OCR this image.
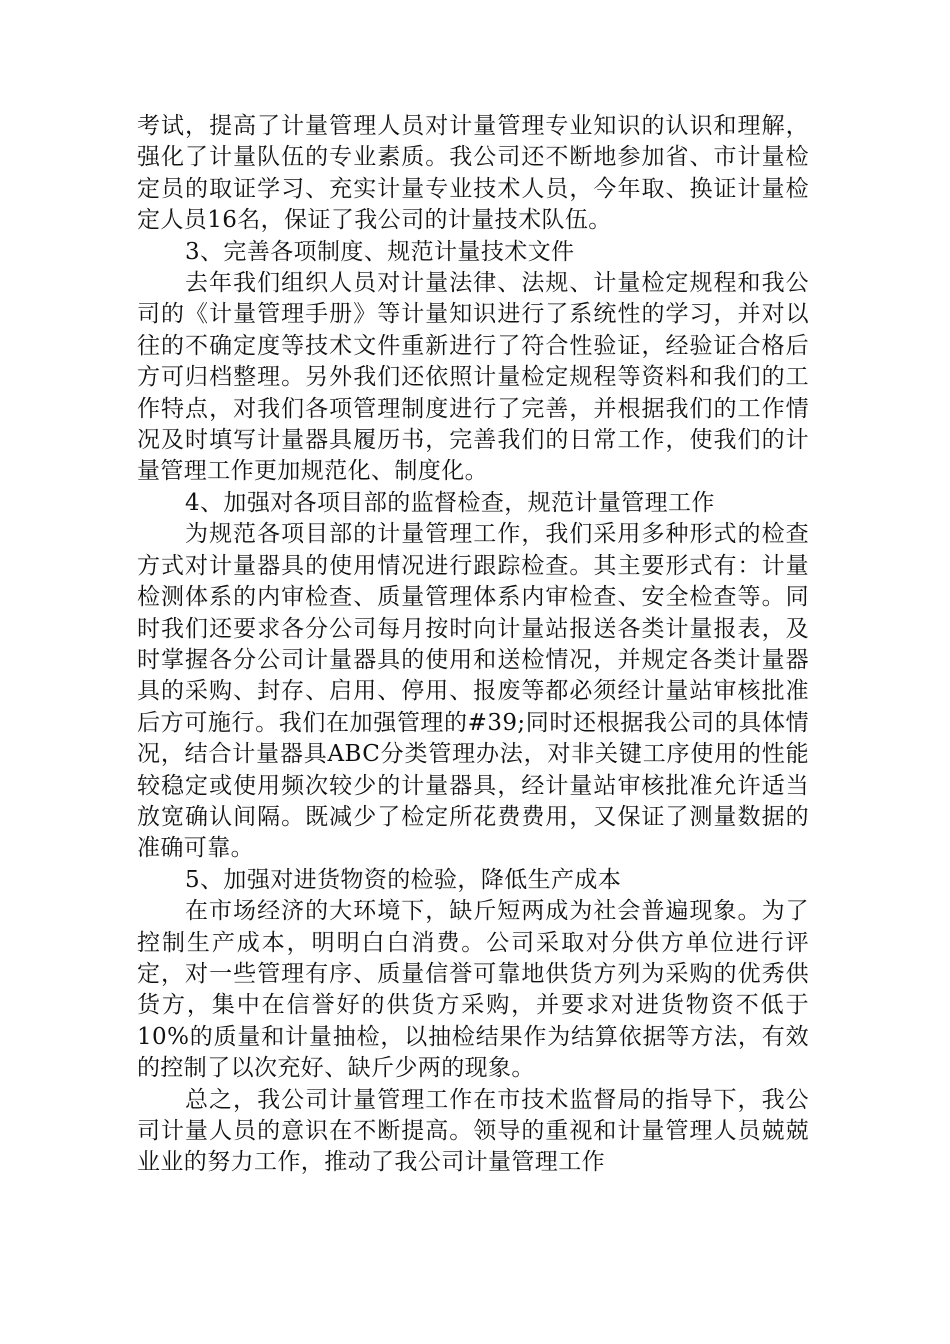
考试，提高了计量管理人员对计量管理专业知识的认识和理解，强化了计量队伍的专业素质。我公司还不断地参加省、市计量检定员的取证学习、充实计量专业技术人员，今年取、换证计量检定人员16名，保证了我公司的计量技术队伍。

3、完善各项制度、规范计量技术文件

去年我们组织人员对计量法律、法规、计量检定规程和我公司的《计量管理手册》等计量知识进行了系统性的学习，并对以往的不确定度等技术文件重新进行了符合性验证，经验证合格后方可归档整理。另外我们还依照计量检定规程等资料和我们的工作特点，对我们各项管理制度进行了完善，并根据我们的工作情况及时填写计量器具履历书，完善我们的日常工作，使我们的计量管理工作更加规范化、制度化。

4、加强对各项目部的监督检查，规范计量管理工作

为规范各项目部的计量管理工作，我们采用多种形式的检查方式对计量器具的使用情况进行跟踪检查。其主要形式有：计量检测体系的内审检查、质量管理体系内审检查、安全检查等。同时我们还要求各分公司每月按时向计量站报送各类计量报表，及时掌握各分公司计量器具的使用和送检情况，并规定各类计量器具的采购、封存、启用、停用、报废等都必须经计量站审核批准后方可施行。我们在加强管理的#39;同时还根据我公司的具体情况，结合计量器具ABC分类管理办法，对非关键工序使用的性能较稳定或使用频次较少的计量器具，经计量站审核批准允许适当放宽确认间隔。既减少了检定所花费费用，又保证了测量数据的准确可靠。

5、加强对进货物资的检验，降低生产成本

在市场经济的大环境下，缺斤短两成为社会普遍现象。为了控制生产成本，明明白白消费。公司采取对分供方单位进行评定，对一些管理有序、质量信誉可靠地供货方列为采购的优秀供货方，集中在信誉好的供货方采购，并要求对进货物资不低于10%的质量和计量抽检，以抽检结果作为结算依据等方法，有效的控制了以次充好、缺斤少两的现象。

总之，我公司计量管理工作在市技术监督局的指导下，我公司计量人员的意识在不断提高。领导的重视和计量管理人员兢兢业业的努力工作，推动了我公司计量管理工作
